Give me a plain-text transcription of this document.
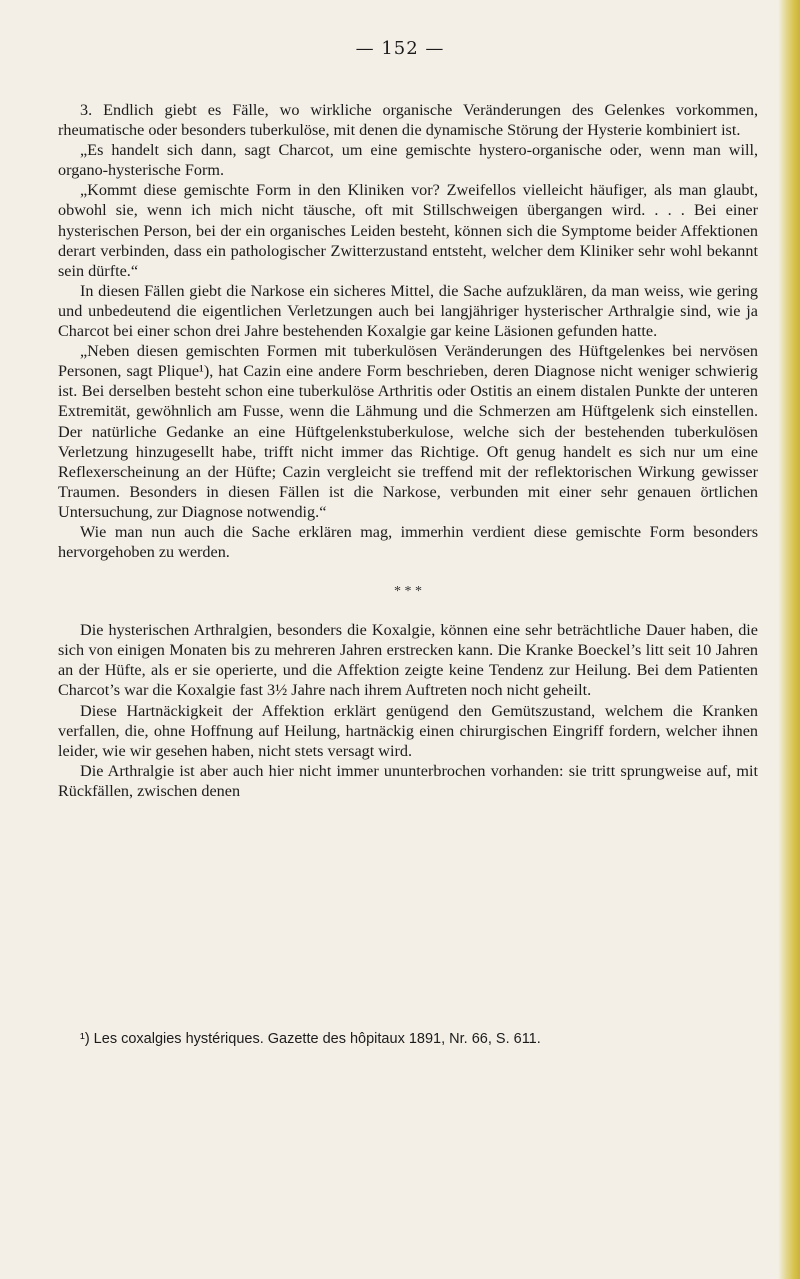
— 152 —

3. Endlich giebt es Fälle, wo wirkliche organische Veränderungen des Gelenkes vorkommen, rheumatische oder besonders tuberkulöse, mit denen die dynamische Störung der Hysterie kombiniert ist.

„Es handelt sich dann, sagt Charcot, um eine gemischte hystero-organische oder, wenn man will, organo-hysterische Form.

„Kommt diese gemischte Form in den Kliniken vor? Zweifellos vielleicht häufiger, als man glaubt, obwohl sie, wenn ich mich nicht täusche, oft mit Stillschweigen übergangen wird. . . . Bei einer hysterischen Person, bei der ein organisches Leiden besteht, können sich die Symptome beider Affektionen derart verbinden, dass ein pathologischer Zwitterzustand entsteht, welcher dem Kliniker sehr wohl bekannt sein dürfte.“

In diesen Fällen giebt die Narkose ein sicheres Mittel, die Sache aufzuklären, da man weiss, wie gering und unbedeutend die eigentlichen Verletzungen auch bei langjähriger hysterischer Arthralgie sind, wie ja Charcot bei einer schon drei Jahre bestehenden Koxalgie gar keine Läsionen gefunden hatte.

„Neben diesen gemischten Formen mit tuberkulösen Veränderungen des Hüftgelenkes bei nervösen Personen, sagt Plique¹), hat Cazin eine andere Form beschrieben, deren Diagnose nicht weniger schwierig ist. Bei derselben besteht schon eine tuberkulöse Arthritis oder Ostitis an einem distalen Punkte der unteren Extremität, gewöhnlich am Fusse, wenn die Lähmung und die Schmerzen am Hüftgelenk sich einstellen. Der natürliche Gedanke an eine Hüftgelenkstuberkulose, welche sich der bestehenden tuberkulösen Verletzung hinzugesellt habe, trifft nicht immer das Richtige. Oft genug handelt es sich nur um eine Reflexerscheinung an der Hüfte; Cazin vergleicht sie treffend mit der reflektorischen Wirkung gewisser Traumen. Besonders in diesen Fällen ist die Narkose, verbunden mit einer sehr genauen örtlichen Untersuchung, zur Diagnose notwendig.“

Wie man nun auch die Sache erklären mag, immerhin verdient diese gemischte Form besonders hervorgehoben zu werden.

* * *

Die hysterischen Arthralgien, besonders die Koxalgie, können eine sehr beträchtliche Dauer haben, die sich von einigen Monaten bis zu mehreren Jahren erstrecken kann. Die Kranke Boeckel’s litt seit 10 Jahren an der Hüfte, als er sie operierte, und die Affektion zeigte keine Tendenz zur Heilung. Bei dem Patienten Charcot’s war die Koxalgie fast 3½ Jahre nach ihrem Auftreten noch nicht geheilt.

Diese Hartnäckigkeit der Affektion erklärt genügend den Gemütszustand, welchem die Kranken verfallen, die, ohne Hoffnung auf Heilung, hartnäckig einen chirurgischen Eingriff fordern, welcher ihnen leider, wie wir gesehen haben, nicht stets versagt wird.

Die Arthralgie ist aber auch hier nicht immer ununterbrochen vorhanden: sie tritt sprungweise auf, mit Rückfällen, zwischen denen

¹) Les coxalgies hystériques. Gazette des hôpitaux 1891, Nr. 66, S. 611.
